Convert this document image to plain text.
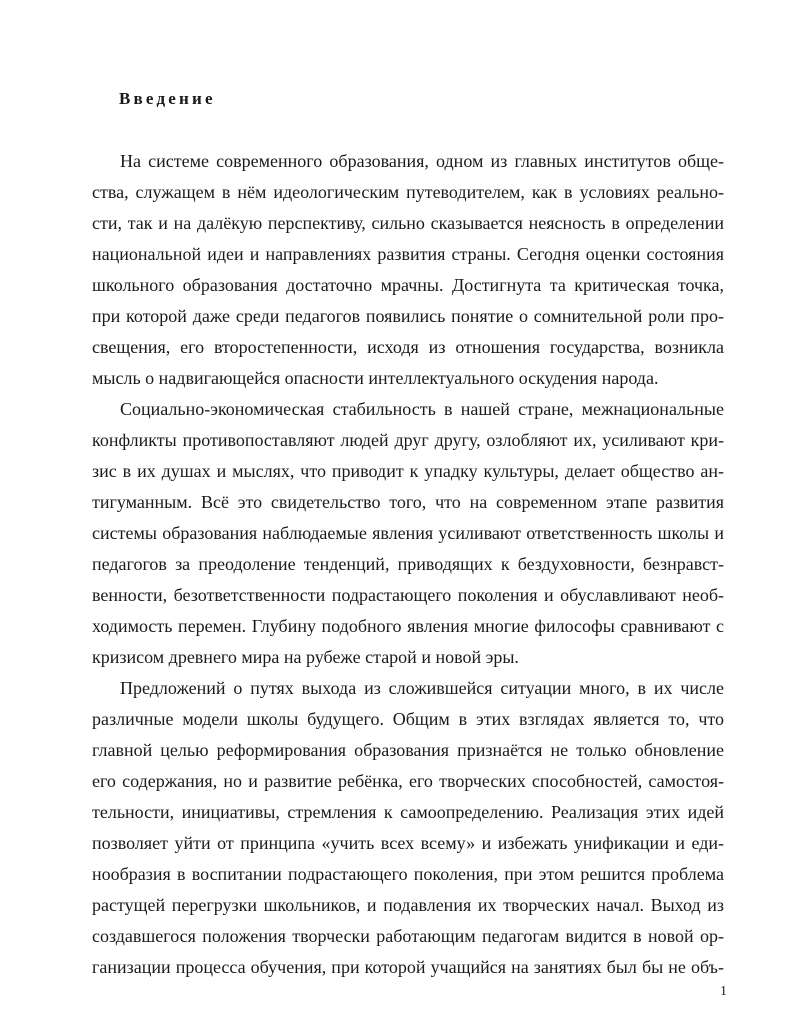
Введение
На системе современного образования, одном из главных институтов обще-
ства, служащем в нём идеологическим путеводителем, как в условиях реально-
сти, так и на далёкую перспективу, сильно сказывается неясность в определении
национальной идеи и направлениях развития страны. Сегодня оценки состояния
школьного образования достаточно мрачны. Достигнута та критическая точка,
при которой даже среди педагогов появились понятие о сомнительной роли про-
свещения, его второстепенности, исходя из отношения государства, возникла
мысль о надвигающейся опасности интеллектуального оскудения народа.
Социально-экономическая стабильность в нашей стране, межнациональные
конфликты противопоставляют людей друг другу, озлобляют их, усиливают кри-
зис в их душах и мыслях, что приводит к упадку культуры, делает общество ан-
тигуманным. Всё это свидетельство того, что на современном этапе развития
системы образования наблюдаемые явления усиливают ответственность школы и
педагогов за преодоление тенденций, приводящих к бездуховности, безнравст-
венности, безответственности подрастающего поколения и обуславливают необ-
ходимость перемен. Глубину подобного явления многие философы сравнивают с
кризисом древнего мира на рубеже старой и новой эры.
Предложений о путях выхода из сложившейся ситуации много, в их числе
различные модели школы будущего. Общим в этих взглядах является то, что
главной целью реформирования образования признаётся не только обновление
его содержания, но и развитие ребёнка, его творческих способностей, самостоя-
тельности, инициативы, стремления к самоопределению. Реализация этих идей
позволяет уйти от принципа «учить всех всему» и избежать унификации и еди-
нообразия в воспитании подрастающего поколения, при этом решится проблема
растущей перегрузки школьников, и подавления их творческих начал. Выход из
создавшегося положения творчески работающим педагогам видится в новой ор-
ганизации процесса обучения, при которой учащийся на занятиях был бы не объ-

1
